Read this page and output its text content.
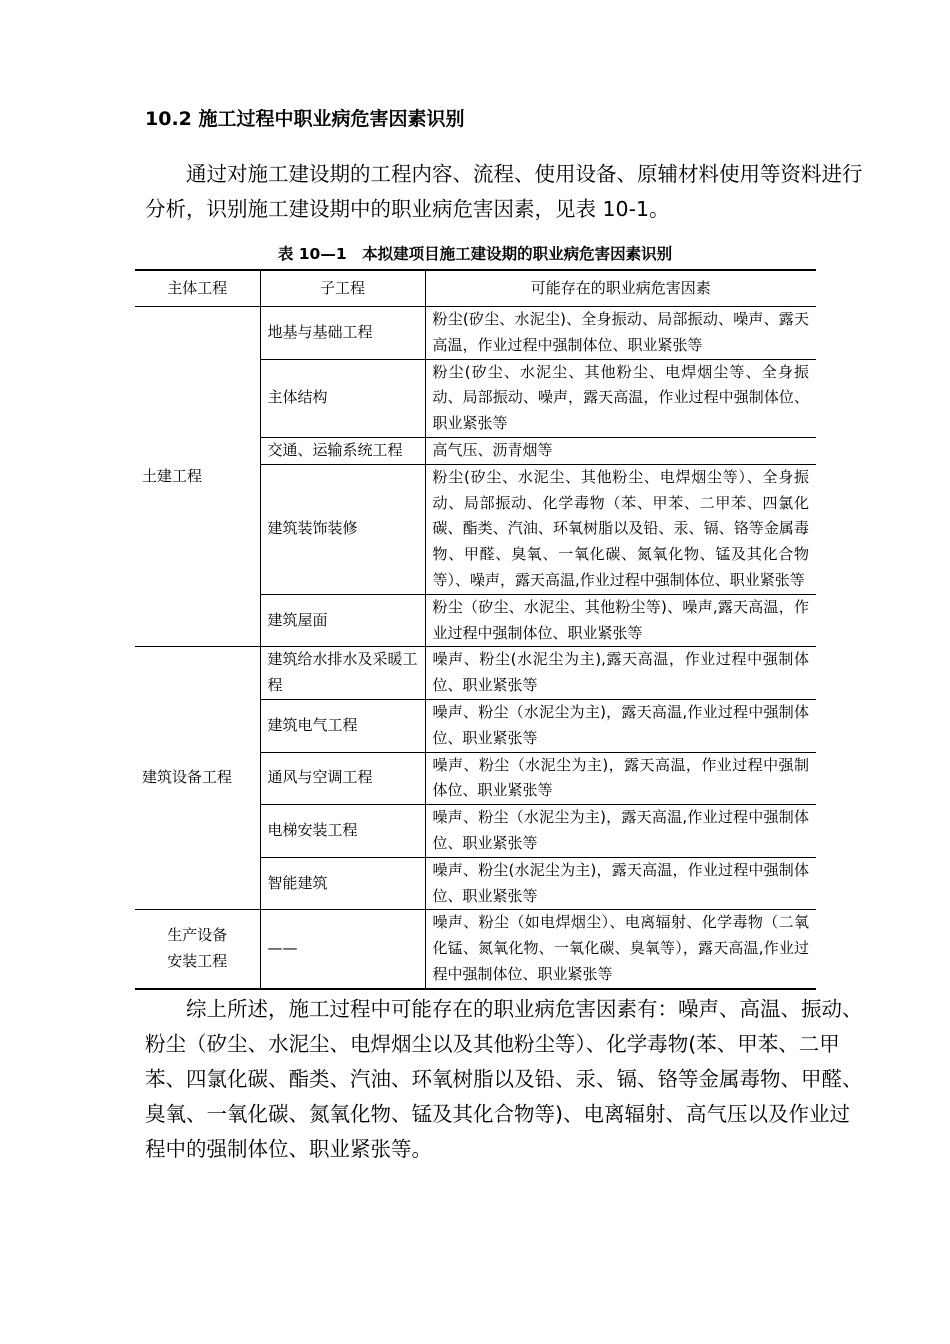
10.2 施工过程中职业病危害因素识别
通过对施工建设期的工程内容、流程、使用设备、原辅材料使用等资料进行分析，识别施工建设期中的职业病危害因素，见表 10-1。
表 10—1　本拟建项目施工建设期的职业病危害因素识别
主体工程	子工程	可能存在的职业病危害因素
土建工程	地基与基础工程	粉尘(矽尘、水泥尘)、全身振动、局部振动、噪声、露天高温，作业过程中强制体位、职业紧张等
	主体结构	粉尘(矽尘、水泥尘、其他粉尘、电焊烟尘等、全身振动、局部振动、噪声，露天高温，作业过程中强制体位、职业紧张等
	交通、运输系统工程	高气压、沥青烟等
	建筑装饰装修	粉尘(矽尘、水泥尘、其他粉尘、电焊烟尘等）、全身振动、局部振动、化学毒物（苯、甲苯、二甲苯、四氯化碳、酯类、汽油、环氧树脂以及铅、汞、镉、铬等金属毒物、甲醛、臭氧、一氧化碳、氮氧化物、锰及其化合物等）、噪声，露天高温,作业过程中强制体位、职业紧张等
	建筑屋面	粉尘（矽尘、水泥尘、其他粉尘等)、噪声,露天高温，作业过程中强制体位、职业紧张等
建筑设备工程	建筑给水排水及采暖工程	噪声、粉尘(水泥尘为主),露天高温，作业过程中强制体位、职业紧张等
	建筑电气工程	噪声、粉尘（水泥尘为主)，露天高温,作业过程中强制体位、职业紧张等
	通风与空调工程	噪声、粉尘（水泥尘为主)，露天高温，作业过程中强制体位、职业紧张等
	电梯安装工程	噪声、粉尘（水泥尘为主)，露天高温,作业过程中强制体位、职业紧张等
	智能建筑	噪声、粉尘(水泥尘为主)，露天高温，作业过程中强制体位、职业紧张等
生产设备
安装工程	——	噪声、粉尘（如电焊烟尘）、电离辐射、化学毒物（二氧化锰、氮氧化物、一氧化碳、臭氧等），露天高温,作业过程中强制体位、职业紧张等
综上所述，施工过程中可能存在的职业病危害因素有：噪声、高温、振动、粉尘（矽尘、水泥尘、电焊烟尘以及其他粉尘等）、化学毒物(苯、甲苯、二甲苯、四氯化碳、酯类、汽油、环氧树脂以及铅、汞、镉、铬等金属毒物、甲醛、臭氧、一氧化碳、氮氧化物、锰及其化合物等)、电离辐射、高气压以及作业过程中的强制体位、职业紧张等。
